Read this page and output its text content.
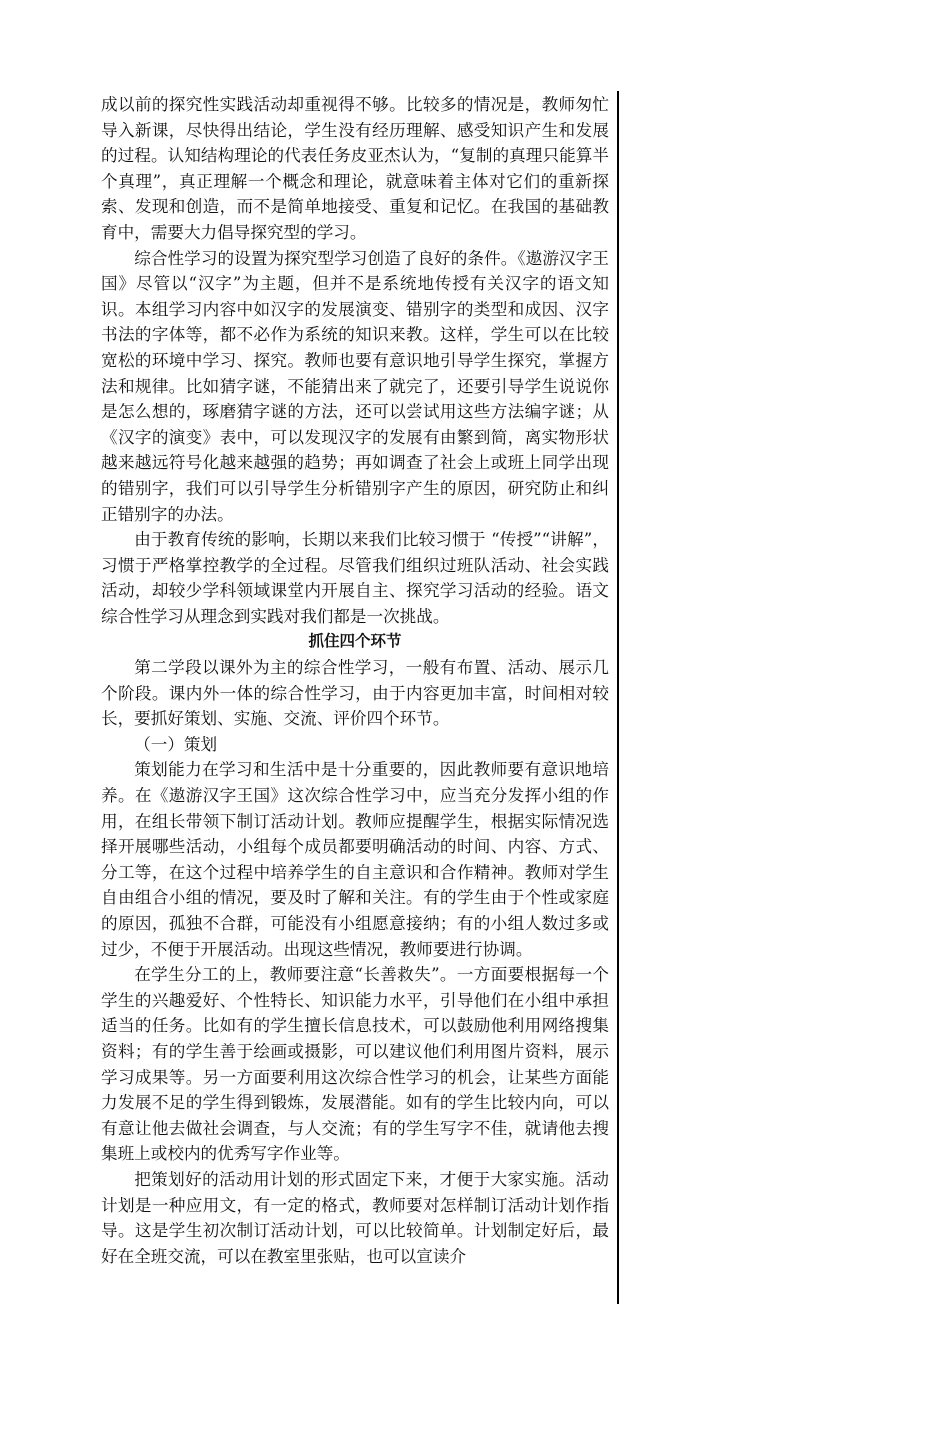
成以前的探究性实践活动却重视得不够。比较多的情况是，教师匆忙导入新课，尽快得出结论，学生没有经历理解、感受知识产生和发展的过程。认知结构理论的代表任务皮亚杰认为，“复制的真理只能算半个真理”，真正理解一个概念和理论，就意味着主体对它们的重新探索、发现和创造，而不是简单地接受、重复和记忆。在我国的基础教育中，需要大力倡导探究型的学习。

综合性学习的设置为探究型学习创造了良好的条件。《遨游汉字王国》尽管以“汉字”为主题，但并不是系统地传授有关汉字的语文知识。本组学习内容中如汉字的发展演变、错别字的类型和成因、汉字书法的字体等，都不必作为系统的知识来教。这样，学生可以在比较宽松的环境中学习、探究。教师也要有意识地引导学生探究，掌握方法和规律。比如猜字谜，不能猜出来了就完了，还要引导学生说说你是怎么想的，琢磨猜字谜的方法，还可以尝试用这些方法编字谜；从《汉字的演变》表中，可以发现汉字的发展有由繁到简，离实物形状越来越远符号化越来越强的趋势；再如调查了社会上或班上同学出现的错别字，我们可以引导学生分析错别字产生的原因，研究防止和纠正错别字的办法。

由于教育传统的影响，长期以来我们比较习惯于 “传授”“讲解”，习惯于严格掌控教学的全过程。尽管我们组织过班队活动、社会实践活动，却较少学科领域课堂内开展自主、探究学习活动的经验。语文综合性学习从理念到实践对我们都是一次挑战。

抓住四个环节

第二学段以课外为主的综合性学习，一般有布置、活动、展示几个阶段。课内外一体的综合性学习，由于内容更加丰富，时间相对较长，要抓好策划、实施、交流、评价四个环节。

（一）策划

策划能力在学习和生活中是十分重要的，因此教师要有意识地培养。在《遨游汉字王国》这次综合性学习中，应当充分发挥小组的作用，在组长带领下制订活动计划。教师应提醒学生，根据实际情况选择开展哪些活动，小组每个成员都要明确活动的时间、内容、方式、分工等，在这个过程中培养学生的自主意识和合作精神。教师对学生自由组合小组的情况，要及时了解和关注。有的学生由于个性或家庭的原因，孤独不合群，可能没有小组愿意接纳；有的小组人数过多或过少，不便于开展活动。出现这些情况，教师要进行协调。

在学生分工的上，教师要注意“长善救失”。一方面要根据每一个学生的兴趣爱好、个性特长、知识能力水平，引导他们在小组中承担适当的任务。比如有的学生擅长信息技术，可以鼓励他利用网络搜集资料；有的学生善于绘画或摄影，可以建议他们利用图片资料，展示学习成果等。另一方面要利用这次综合性学习的机会，让某些方面能力发展不足的学生得到锻炼，发展潜能。如有的学生比较内向，可以有意让他去做社会调查，与人交流；有的学生写字不佳，就请他去搜集班上或校内的优秀写字作业等。

把策划好的活动用计划的形式固定下来，才便于大家实施。活动计划是一种应用文，有一定的格式，教师要对怎样制订活动计划作指导。这是学生初次制订活动计划，可以比较简单。计划制定好后，最好在全班交流，可以在教室里张贴，也可以宣读介
